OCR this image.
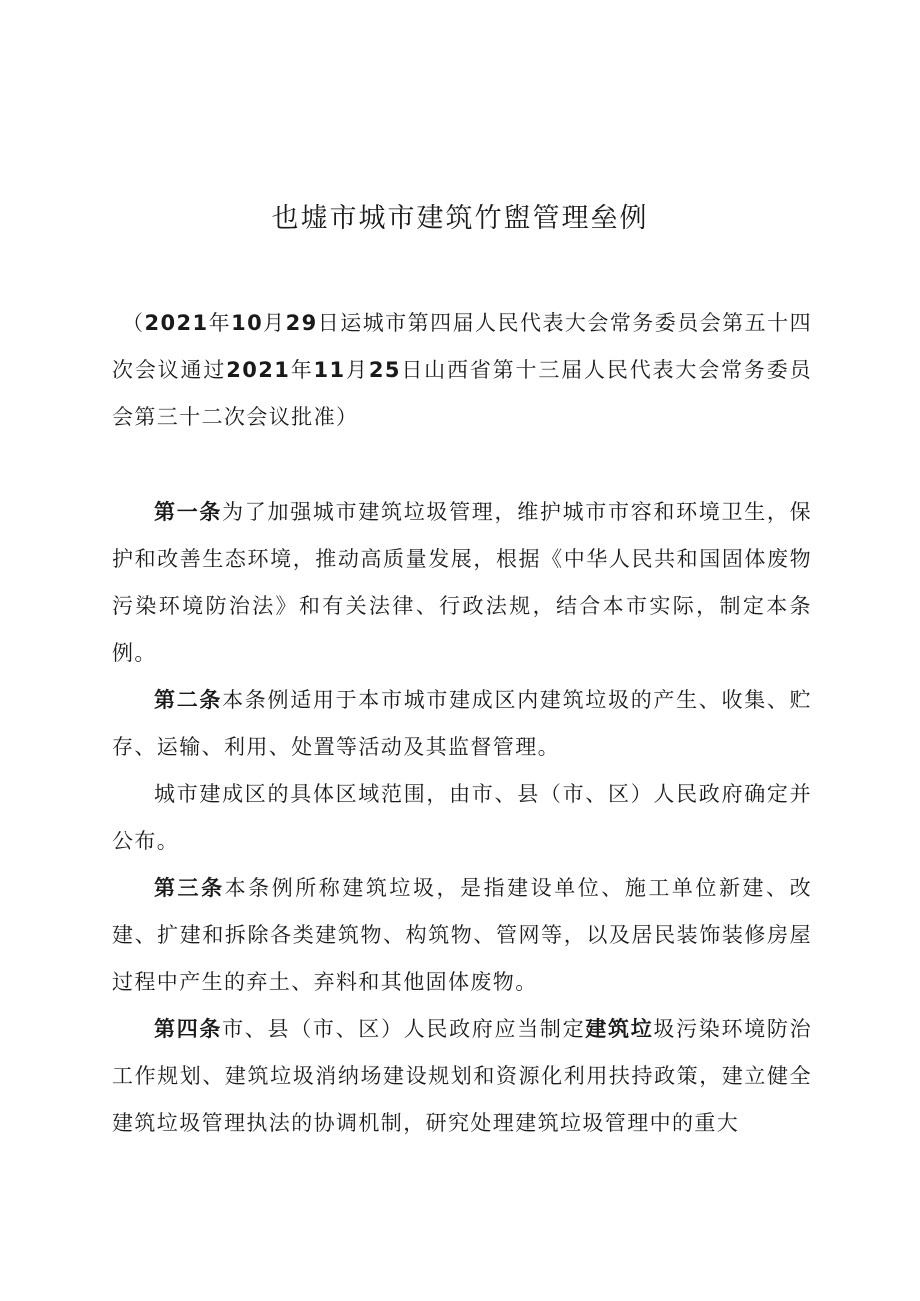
也墟市城市建筑竹盥管理垒例

（2021年10月29日运城市第四届人民代表大会常务委员会第五十四次会议通过2021年11月25日山西省第十三届人民代表大会常务委员会第三十二次会议批准）

第一条为了加强城市建筑垃圾管理，维护城市市容和环境卫生，保护和改善生态环境，推动高质量发展，根据《中华人民共和国固体废物污染环境防治法》和有关法律、行政法规，结合本市实际，制定本条例。

第二条本条例适用于本市城市建成区内建筑垃圾的产生、收集、贮存、运输、利用、处置等活动及其监督管理。

城市建成区的具体区域范围，由市、县（市、区）人民政府确定并公布。

第三条本条例所称建筑垃圾，是指建设单位、施工单位新建、改建、扩建和拆除各类建筑物、构筑物、管网等，以及居民装饰装修房屋过程中产生的弃土、弃料和其他固体废物。

第四条市、县（市、区）人民政府应当制定建筑垃圾污染环境防治工作规划、建筑垃圾消纳场建设规划和资源化利用扶持政策，建立健全建筑垃圾管理执法的协调机制，研究处理建筑垃圾管理中的重大
